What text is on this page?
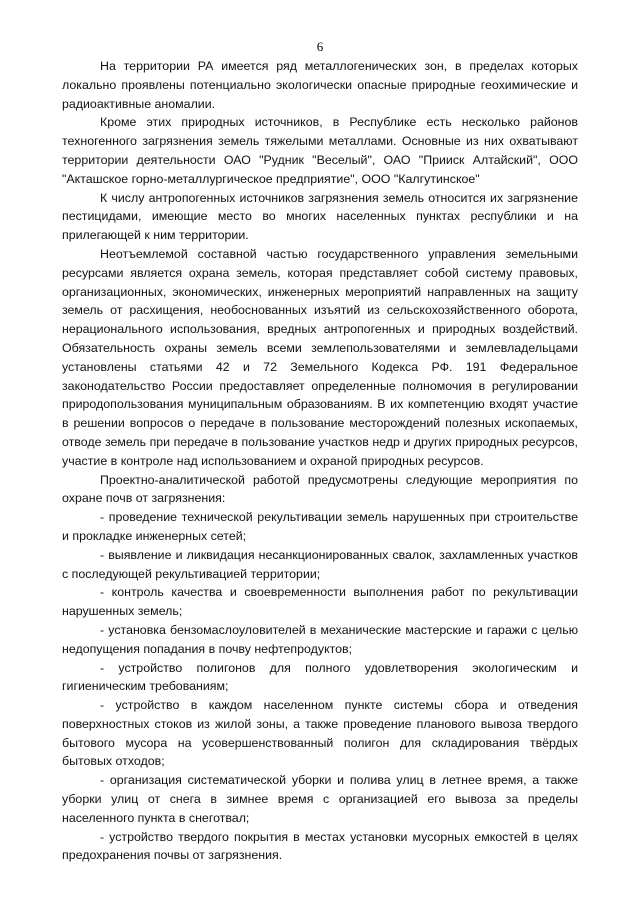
6

На территории РА имеется ряд металлогенических зон, в пределах которых локально проявлены потенциально экологически опасные природные геохимические и радиоактивные аномалии.

Кроме этих природных источников, в Республике есть несколько районов техногенного загрязнения земель тяжелыми металлами. Основные из них охватывают территории деятельности ОАО "Рудник "Веселый", ОАО "Прииск Алтайский", ООО "Акташское горно-металлургическое предприятие", ООО "Калгутинское"

К числу антропогенных источников загрязнения земель относится их загрязнение пестицидами, имеющие место во многих населенных пунктах республики и на прилегающей к ним территории.

Неотъемлемой составной частью государственного управления земельными ресурсами является охрана земель, которая представляет собой систему правовых, организационных, экономических, инженерных мероприятий направленных на защиту земель от расхищения, необоснованных изъятий из сельскохозяйственного оборота, нерационального использования, вредных антропогенных и природных воздействий. Обязательность охраны земель всеми землепользователями и землевладельцами установлены статьями 42 и 72 Земельного Кодекса РФ. 191 Федеральное законодательство России предоставляет определенные полномочия в регулировании природопользования муниципальным образованиям. В их компетенцию входят участие в решении вопросов о передаче в пользование месторождений полезных ископаемых, отводе земель при передаче в пользование участков недр и других природных ресурсов, участие в контроле над использованием и охраной природных ресурсов.

Проектно-аналитической работой предусмотрены следующие мероприятия по охране почв от загрязнения:

- проведение технической рекультивации земель нарушенных при строительстве и прокладке инженерных сетей;

- выявление и ликвидация несанкционированных свалок, захламленных участков с последующей рекультивацией территории;

- контроль качества и своевременности выполнения работ по рекультивации нарушенных земель;

- установка бензомаслоуловителей в механические мастерские и гаражи с целью недопущения попадания в почву нефтепродуктов;

- устройство полигонов для полного удовлетворения экологическим и гигиеническим требованиям;

- устройство в каждом населенном пункте системы сбора и отведения поверхностных стоков из жилой зоны, а также проведение планового вывоза твердого бытового мусора на усовершенствованный полигон для складирования твёрдых бытовых отходов;

- организация систематической уборки и полива улиц в летнее время, а также уборки улиц от снега в зимнее время с организацией его вывоза за пределы населенного пункта в снеготвал;

- устройство твердого покрытия в местах установки мусорных емкостей в целях предохранения почвы от загрязнения.
